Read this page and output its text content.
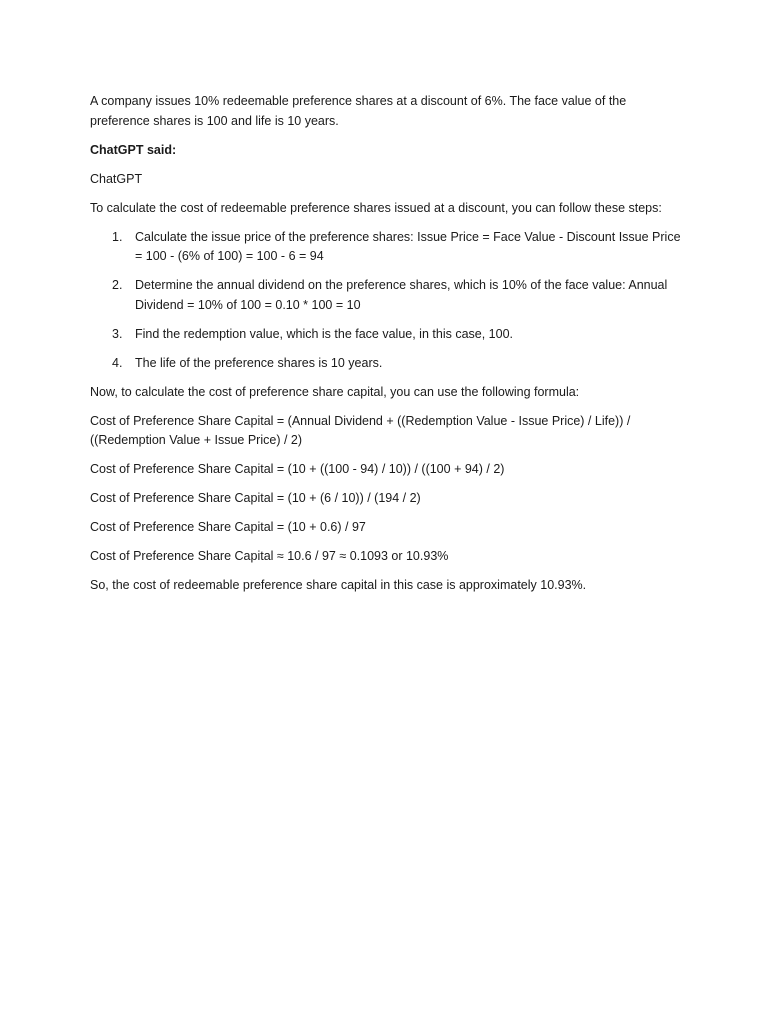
A company issues 10% redeemable preference shares at a discount of 6%. The face value of the preference shares is 100 and life is 10 years.

ChatGPT said:

ChatGPT

To calculate the cost of redeemable preference shares issued at a discount, you can follow these steps:

1. Calculate the issue price of the preference shares: Issue Price = Face Value - Discount Issue Price = 100 - (6% of 100) = 100 - 6 = 94
2. Determine the annual dividend on the preference shares, which is 10% of the face value: Annual Dividend = 10% of 100 = 0.10 * 100 = 10
3. Find the redemption value, which is the face value, in this case, 100.
4. The life of the preference shares is 10 years.

Now, to calculate the cost of preference share capital, you can use the following formula:

Cost of Preference Share Capital = (Annual Dividend + ((Redemption Value - Issue Price) / Life)) / ((Redemption Value + Issue Price) / 2)

Cost of Preference Share Capital = (10 + ((100 - 94) / 10)) / ((100 + 94) / 2)

Cost of Preference Share Capital = (10 + (6 / 10)) / (194 / 2)

Cost of Preference Share Capital = (10 + 0.6) / 97

Cost of Preference Share Capital ≈ 10.6 / 97 ≈ 0.1093 or 10.93%

So, the cost of redeemable preference share capital in this case is approximately 10.93%.
